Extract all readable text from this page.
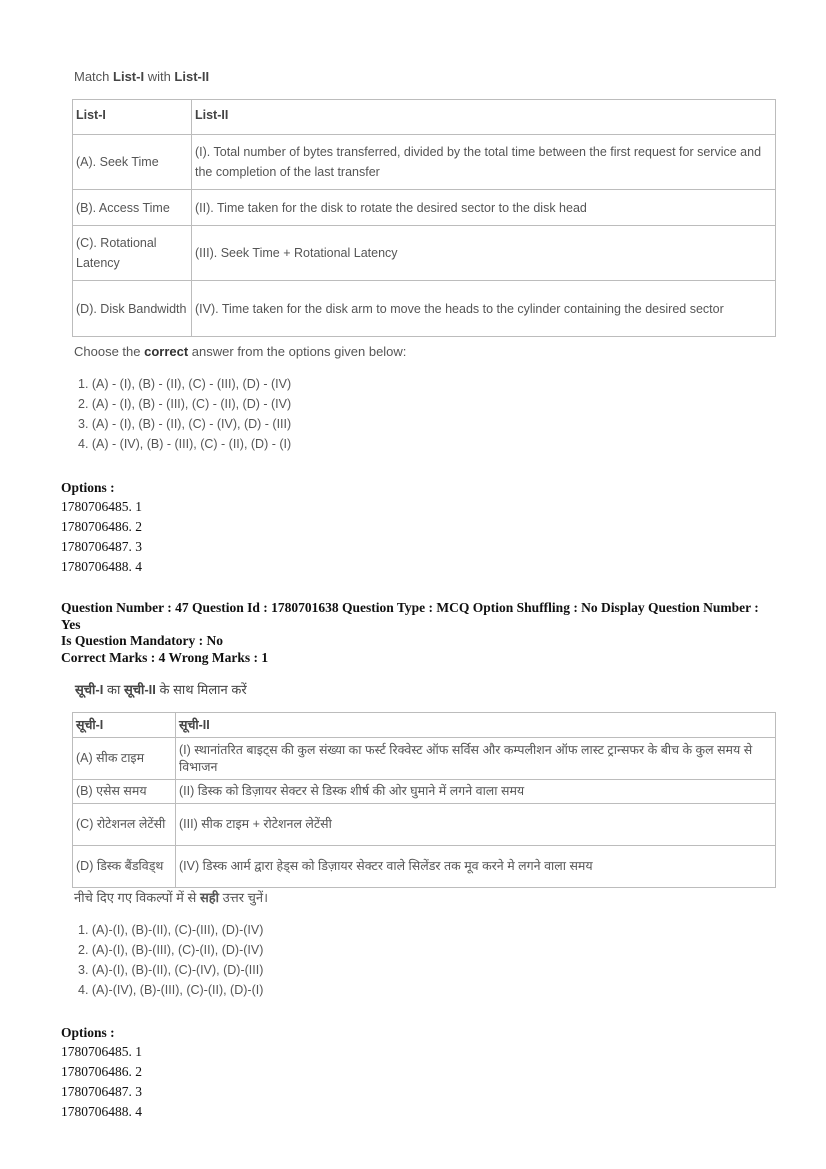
Match List-I with List-II
List-I	List-II
(A). Seek Time	(I). Total number of bytes transferred, divided by the total time between the first request for service and the completion of the last transfer
(B). Access Time	(II). Time taken for the disk to rotate the desired sector to the disk head
(C). Rotational Latency	(III). Seek Time + Rotational Latency
(D). Disk Bandwidth	(IV). Time taken for the disk arm to move the heads to the cylinder containing the desired sector
Choose the correct answer from the options given below:
1. (A) - (I), (B) - (II), (C) - (III), (D) - (IV)
2. (A) - (I), (B) - (III), (C) - (II), (D) - (IV)
3. (A) - (I), (B) - (II), (C) - (IV), (D) - (III)
4. (A) - (IV), (B) - (III), (C) - (II), (D) - (I)
Options :
1780706485. 1
1780706486. 2
1780706487. 3
1780706488. 4
Question Number : 47 Question Id : 1780701638 Question Type : MCQ Option Shuffling : No Display Question Number : Yes
Is Question Mandatory : No
Correct Marks : 4 Wrong Marks : 1
सूची-I का सूची-II के साथ मिलान करें
सूची-I	सूची-II
(A) सीक टाइम	(I) स्थानांतरित बाइट्स की कुल संख्या का फर्स्ट रिक्वेस्ट ऑफ सर्विस और कम्पलीशन ऑफ लास्ट ट्रान्सफर के बीच के कुल समय से विभाजन
(B) एसेस समय	(II) डिस्क को डिज़ायर सेक्टर से डिस्क शीर्ष की ओर घुमाने में लगने वाला समय
(C) रोटेशनल लेटेंसी	(III) सीक टाइम + रोटेशनल लेटेंसी
(D) डिस्क बैंडविड्थ	(IV) डिस्क आर्म द्वारा हेड्स को डिज़ायर सेक्टर वाले सिलेंडर तक मूव करने मे लगने वाला समय
नीचे दिए गए विकल्पों में से सही उत्तर चुनें।
1. (A)-(I), (B)-(II), (C)-(III), (D)-(IV)
2. (A)-(I), (B)-(III), (C)-(II), (D)-(IV)
3. (A)-(I), (B)-(II), (C)-(IV), (D)-(III)
4. (A)-(IV), (B)-(III), (C)-(II), (D)-(I)
Options :
1780706485. 1
1780706486. 2
1780706487. 3
1780706488. 4
